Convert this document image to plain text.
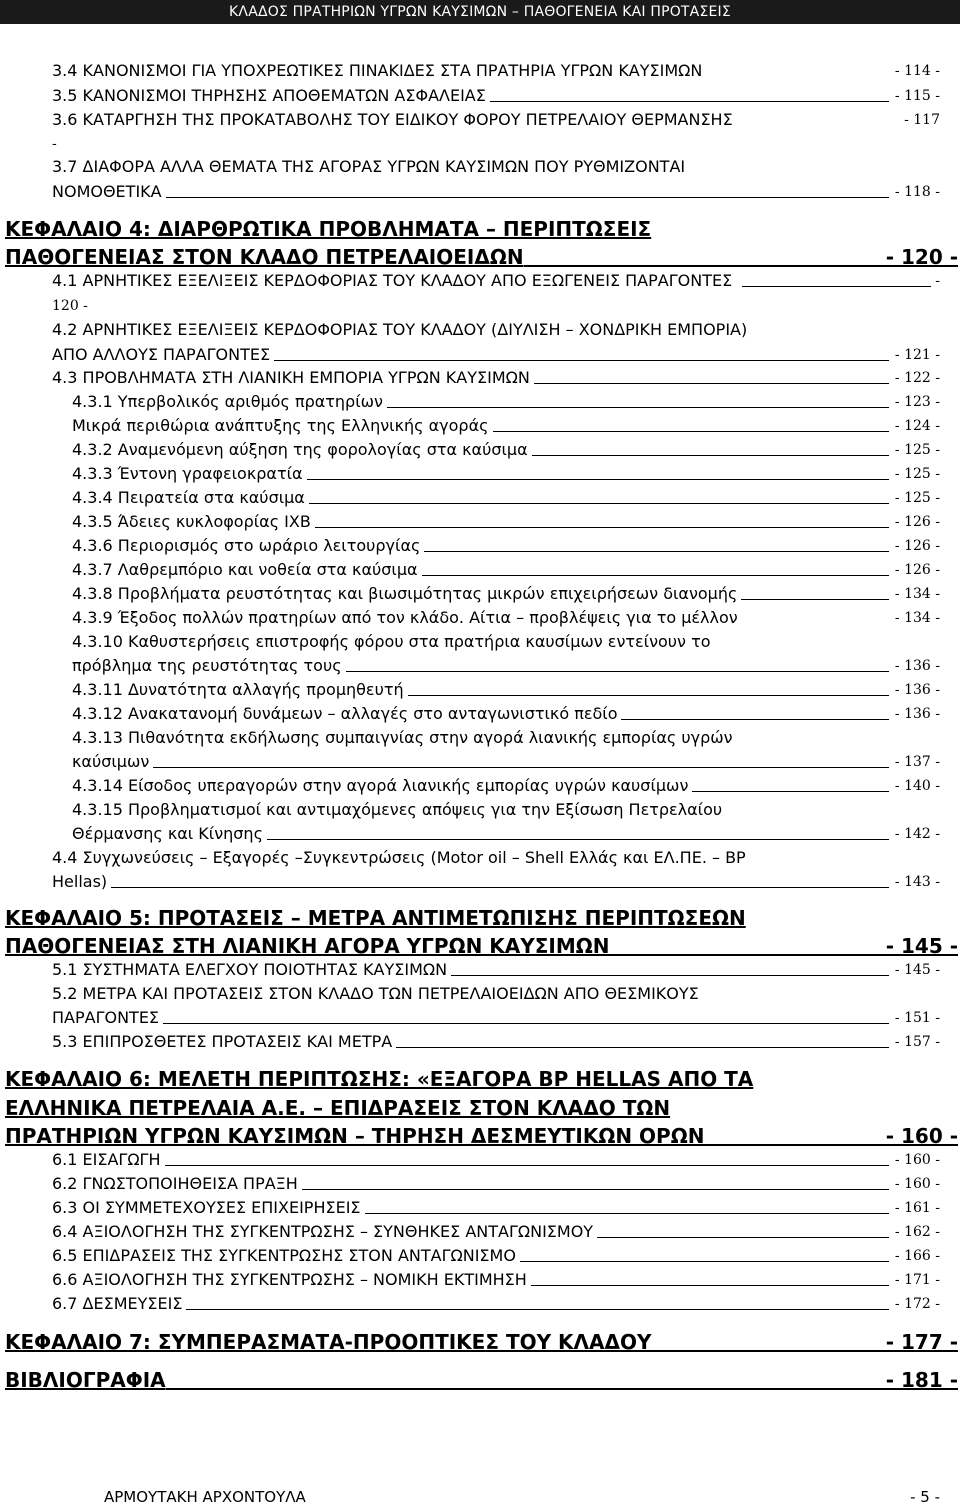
ΚΛΑΔΟΣ ΠΡΑΤΗΡΙΩΝ ΥΓΡΩΝ ΚΑΥΣΙΜΩΝ – ΠΑΘΟΓΕΝΕΙΑ ΚΑΙ ΠΡΟΤΑΣΕΙΣ
3.4 ΚΑΝΟΝΙΣΜΟΙ ΓΙΑ ΥΠΟΧΡΕΩΤΙΚΕΣ ΠΙΝΑΚΙΔΕΣ ΣΤΑ ΠΡΑΤΗΡΙΑ ΥΓΡΩΝ ΚΑΥΣΙΜΩΝ	- 114 -
3.5 ΚΑΝΟΝΙΣΜΟΙ ΤΗΡΗΣΗΣ ΑΠΟΘΕΜΑΤΩΝ ΑΣΦΑΛΕΙΑΣ	- 115 -
3.6 ΚΑΤΑΡΓΗΣΗ ΤΗΣ ΠΡΟΚΑΤΑΒΟΛΗΣ ΤΟΥ ΕΙΔΙΚΟΥ ΦΟΡΟΥ ΠΕΤΡΕΛΑΙΟΥ ΘΕΡΜΑΝΣΗΣ	- 117
-
3.7 ΔΙΑΦΟΡΑ ΑΛΛΑ ΘΕΜΑΤΑ ΤΗΣ ΑΓΟΡΑΣ ΥΓΡΩΝ ΚΑΥΣΙΜΩΝ ΠΟΥ ΡΥΘΜΙΖΟΝΤΑΙ
ΝΟΜΟΘΕΤΙΚΑ	- 118 -
ΚΕΦΑΛΑΙΟ 4: ΔΙΑΡΘΡΩΤΙΚΑ ΠΡΟΒΛΗΜΑΤΑ – ΠΕΡΙΠΤΩΣΕΙΣ
ΠΑΘΟΓΕΝΕΙΑΣ ΣΤΟΝ ΚΛΑΔΟ ΠΕΤΡΕΛΑΙΟΕΙΔΩΝ	- 120 -
4.1 ΑΡΝΗΤΙΚΕΣ ΕΞΕΛΙΞΕΙΣ ΚΕΡΔΟΦΟΡΙΑΣ ΤΟΥ ΚΛΑΔΟΥ ΑΠΟ ΕΞΩΓΕΝΕΙΣ ΠΑΡΑΓΟΝΤΕΣ	-
120 -
4.2 ΑΡΝΗΤΙΚΕΣ ΕΞΕΛΙΞΕΙΣ ΚΕΡΔΟΦΟΡΙΑΣ ΤΟΥ ΚΛΑΔΟΥ (ΔΙΥΛΙΣΗ – ΧΟΝΔΡΙΚΗ ΕΜΠΟΡΙΑ)
ΑΠΟ ΑΛΛΟΥΣ ΠΑΡΑΓΟΝΤΕΣ	- 121 -
4.3 ΠΡΟΒΛΗΜΑΤΑ ΣΤΗ ΛΙΑΝΙΚΗ ΕΜΠΟΡΙΑ ΥΓΡΩΝ ΚΑΥΣΙΜΩΝ	- 122 -
4.3.1 Υπερβολικός αριθμός πρατηρίων	- 123 -
Μικρά περιθώρια ανάπτυξης της Ελληνικής αγοράς	- 124 -
4.3.2 Αναμενόμενη αύξηση της φορολογίας στα καύσιμα	- 125 -
4.3.3 Έντονη γραφειοκρατία	- 125 -
4.3.4 Πειρατεία στα καύσιμα	- 125 -
4.3.5 Άδειες κυκλοφορίας ΙΧΒ	- 126 -
4.3.6 Περιορισμός στο ωράριο λειτουργίας	- 126 -
4.3.7 Λαθρεμπόριο και νοθεία στα καύσιμα	- 126 -
4.3.8 Προβλήματα ρευστότητας και βιωσιμότητας μικρών επιχειρήσεων διανομής	- 134 -
4.3.9 Έξοδος πολλών πρατηρίων από τον κλάδο. Αίτια – προβλέψεις για το μέλλον	- 134 -
4.3.10 Καθυστερήσεις επιστροφής φόρου στα πρατήρια καυσίμων εντείνουν το
πρόβλημα της ρευστότητας τους	- 136 -
4.3.11 Δυνατότητα αλλαγής προμηθευτή	- 136 -
4.3.12 Ανακατανομή δυνάμεων – αλλαγές στο ανταγωνιστικό πεδίο	- 136 -
4.3.13 Πιθανότητα εκδήλωσης συμπαιγνίας στην αγορά λιανικής εμπορίας υγρών
καύσιμων	- 137 -
4.3.14 Είσοδος υπεραγορών στην αγορά λιανικής εμπορίας υγρών καυσίμων	- 140 -
4.3.15 Προβληματισμοί και αντιμαχόμενες απόψεις για την Εξίσωση Πετρελαίου
Θέρμανσης και Κίνησης	- 142 -
4.4 Συγχωνεύσεις – Εξαγορές –Συγκεντρώσεις (Motor oil – Shell Ελλάς και ΕΛ.ΠΕ. – BP
Hellas)	- 143 -
ΚΕΦΑΛΑΙΟ 5: ΠΡΟΤΑΣΕΙΣ – ΜΕΤΡΑ ΑΝΤΙΜΕΤΩΠΙΣΗΣ ΠΕΡΙΠΤΩΣΕΩΝ
ΠΑΘΟΓΕΝΕΙΑΣ ΣΤΗ ΛΙΑΝΙΚΗ ΑΓΟΡΑ ΥΓΡΩΝ ΚΑΥΣΙΜΩΝ	- 145 -
5.1 ΣΥΣΤΗΜΑΤΑ ΕΛΕΓΧΟΥ ΠΟΙΟΤΗΤΑΣ ΚΑΥΣΙΜΩΝ	- 145 -
5.2 ΜΕΤΡΑ ΚΑΙ ΠΡΟΤΑΣΕΙΣ ΣΤΟΝ ΚΛΑΔΟ ΤΩΝ ΠΕΤΡΕΛΑΙΟΕΙΔΩΝ ΑΠΟ ΘΕΣΜΙΚΟΥΣ
ΠΑΡΑΓΟΝΤΕΣ	- 151 -
5.3 ΕΠΙΠΡΟΣΘΕΤΕΣ ΠΡΟΤΑΣΕΙΣ ΚΑΙ ΜΕΤΡΑ	- 157 -
ΚΕΦΑΛΑΙΟ 6: ΜΕΛΕΤΗ ΠΕΡΙΠΤΩΣΗΣ: «ΕΞΑΓΟΡΑ BP HELLAS ΑΠΟ ΤΑ
ΕΛΛΗΝΙΚΑ ΠΕΤΡΕΛΑΙΑ Α.Ε. – ΕΠΙΔΡΑΣΕΙΣ ΣΤΟΝ ΚΛΑΔΟ ΤΩΝ
ΠΡΑΤΗΡΙΩΝ ΥΓΡΩΝ ΚΑΥΣΙΜΩΝ – ΤΗΡΗΣΗ ΔΕΣΜΕΥΤΙΚΩΝ ΟΡΩΝ	- 160 -
6.1 ΕΙΣΑΓΩΓΗ	- 160 -
6.2 ΓΝΩΣΤΟΠΟΙΗΘΕΙΣΑ ΠΡΑΞΗ	- 160 -
6.3 ΟΙ ΣΥΜΜΕΤΕΧΟΥΣΕΣ ΕΠΙΧΕΙΡΗΣΕΙΣ	- 161 -
6.4 ΑΞΙΟΛΟΓΗΣΗ ΤΗΣ ΣΥΓΚΕΝΤΡΩΣΗΣ – ΣΥΝΘΗΚΕΣ ΑΝΤΑΓΩΝΙΣΜΟΥ	- 162 -
6.5 ΕΠΙΔΡΑΣΕΙΣ ΤΗΣ ΣΥΓΚΕΝΤΡΩΣΗΣ ΣΤΟΝ ΑΝΤΑΓΩΝΙΣΜΟ	- 166 -
6.6 ΑΞΙΟΛΟΓΗΣΗ ΤΗΣ ΣΥΓΚΕΝΤΡΩΣΗΣ – ΝΟΜΙΚΗ ΕΚΤΙΜΗΣΗ	- 171 -
6.7 ΔΕΣΜΕΥΣΕΙΣ	- 172 -
ΚΕΦΑΛΑΙΟ 7: ΣΥΜΠΕΡΑΣΜΑΤΑ-ΠΡΟΟΠΤΙΚΕΣ ΤΟΥ ΚΛΑΔΟΥ	- 177 -
ΒΙΒΛΙΟΓΡΑΦΙΑ	- 181 -
ΑΡΜΟΥΤΑΚΗ ΑΡΧΟΝΤΟΥΛΑ	- 5 -
